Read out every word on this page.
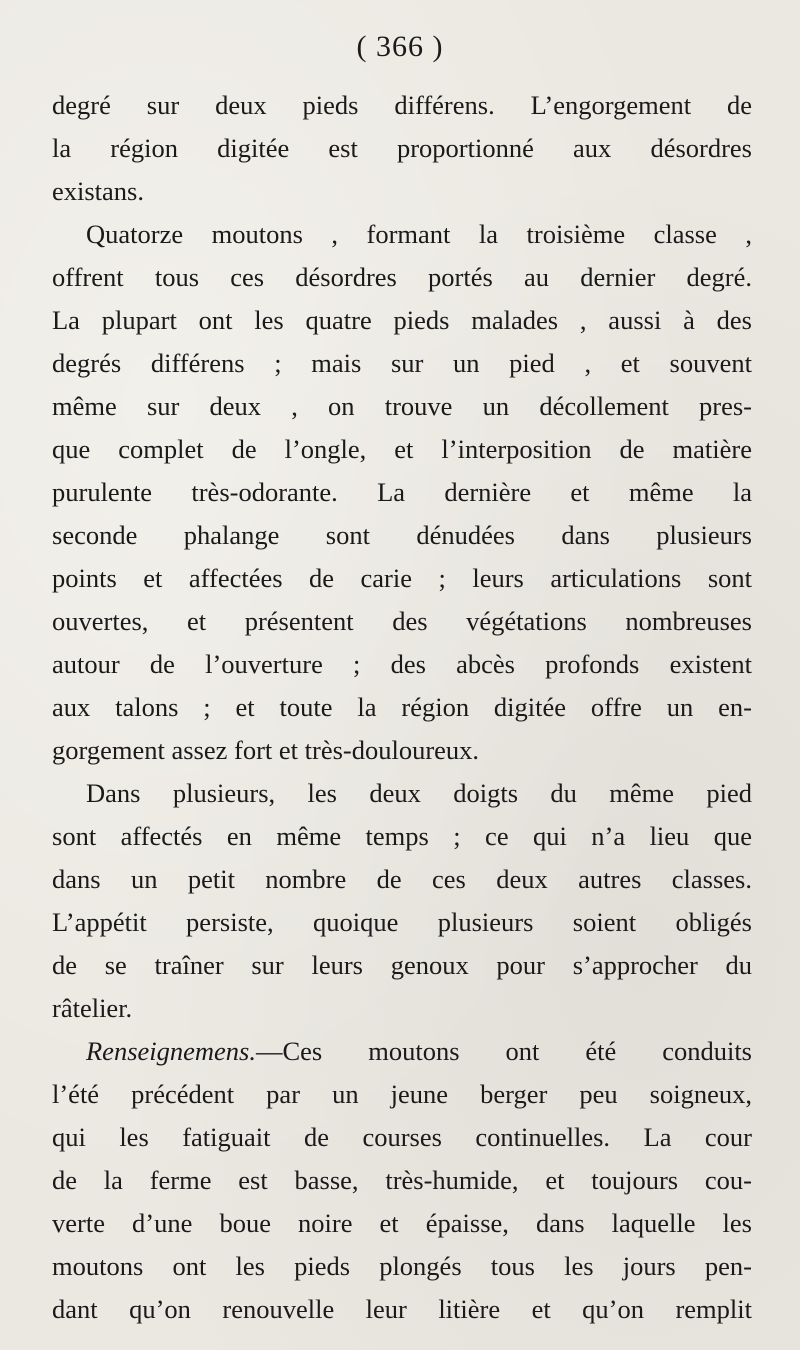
( 366 )
degré sur deux pieds différens. L’engorgement de
la région digitée est proportionné aux désordres
existans.
Quatorze moutons , formant la troisième classe ,
offrent tous ces désordres portés au dernier degré.
La plupart ont les quatre pieds malades , aussi à des
degrés différens ; mais sur un pied , et souvent
même sur deux , on trouve un décollement pres-
que complet de l’ongle, et l’interposition de matière
purulente très-odorante. La dernière et même la
seconde phalange sont dénudées dans plusieurs
points et affectées de carie ; leurs articulations sont
ouvertes, et présentent des végétations nombreuses
autour de l’ouverture ; des abcès profonds existent
aux talons ; et toute la région digitée offre un en-
gorgement assez fort et très-douloureux.
Dans plusieurs, les deux doigts du même pied
sont affectés en même temps ; ce qui n’a lieu que
dans un petit nombre de ces deux autres classes.
L’appétit persiste, quoique plusieurs soient obligés
de se traîner sur leurs genoux pour s’approcher du
râtelier.
Renseignemens.—Ces moutons ont été conduits
l’été précédent par un jeune berger peu soigneux,
qui les fatiguait de courses continuelles. La cour
de la ferme est basse, très-humide, et toujours cou-
verte d’une boue noire et épaisse, dans laquelle les
moutons ont les pieds plongés tous les jours pen-
dant qu’on renouvelle leur litière et qu’on remplit
